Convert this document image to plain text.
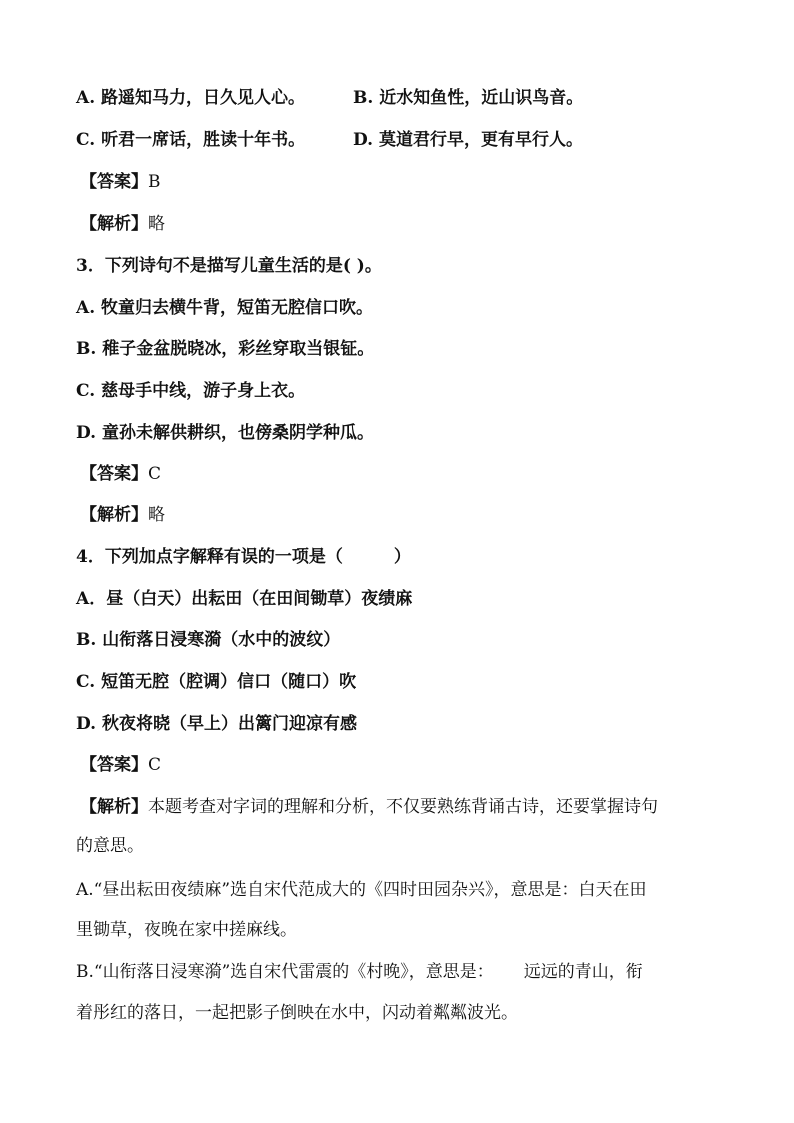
A. 路遥知马力，日久见人心。	B. 近水知鱼性，近山识鸟音。
C. 听君一席话，胜读十年书。	D. 莫道君行早，更有早行人。
【答案】B
【解析】略
3．下列诗句不是描写儿童生活的是( )。
A. 牧童归去横牛背，短笛无腔信口吹。
B. 稚子金盆脱晓冰，彩丝穿取当银钲。
C. 慈母手中线，游子身上衣。
D. 童孙未解供耕织，也傍桑阴学种瓜。
【答案】C
【解析】略
4．下列加点字解释有误的一项是（　　　）
A．昼（白天）出耘田（在田间锄草）夜绩麻
B. 山衔落日浸寒漪（水中的波纹）
C. 短笛无腔（腔调）信口（随口）吹
D. 秋夜将晓（早上）出篱门迎凉有感
【答案】C
【解析】本题考查对字词的理解和分析，不仅要熟练背诵古诗，还要掌握诗句
的意思。
A.“昼出耘田夜绩麻”选自宋代范成大的《四时田园杂兴》，意思是：白天在田
里锄草，夜晚在家中搓麻线。
B.“山衔落日浸寒漪”选自宋代雷震的《村晚》，意思是： 远远的青山，衔
着彤红的落日，一起把影子倒映在水中，闪动着粼粼波光。
